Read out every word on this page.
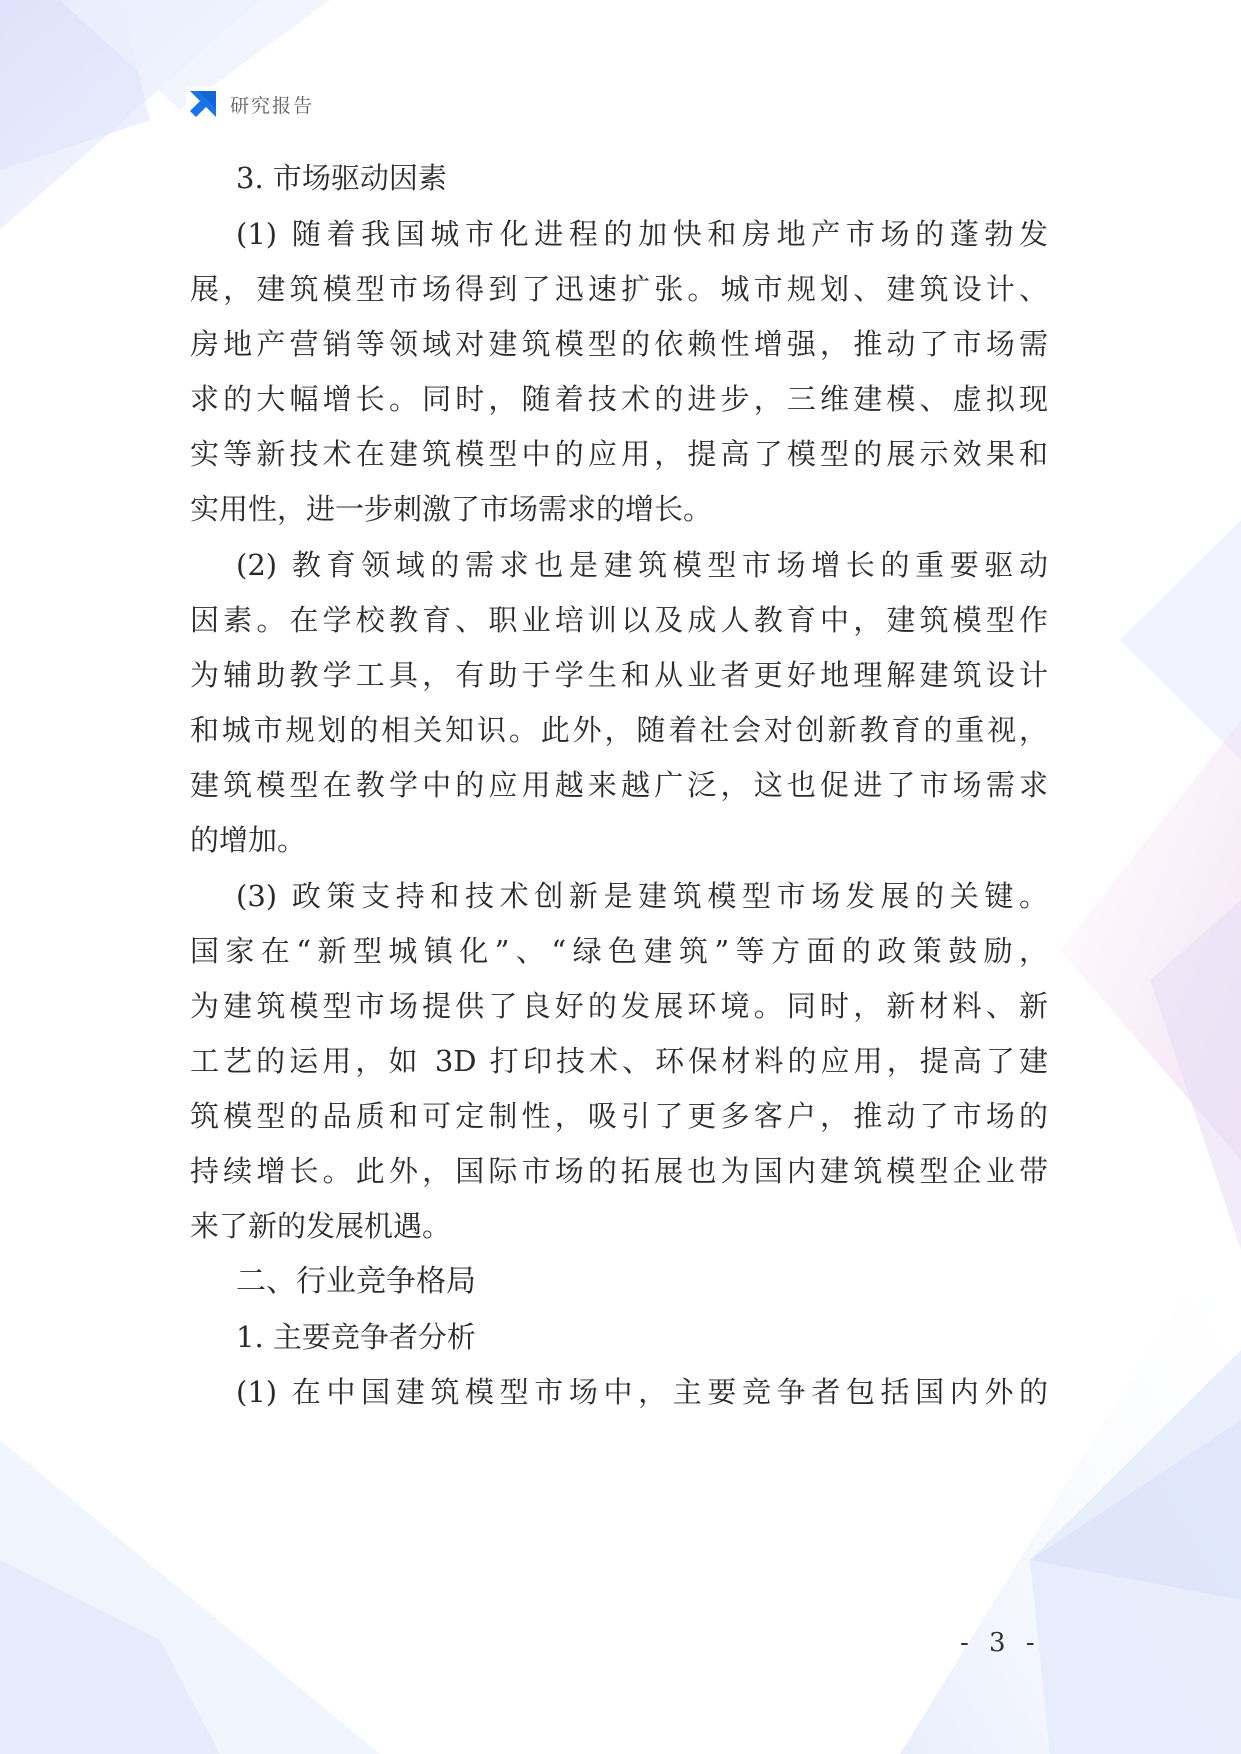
研究报告
3. 市场驱动因素
(1) 随着我国城市化进程的加快和房地产市场的蓬勃发
展，建筑模型市场得到了迅速扩张。城市规划、建筑设计、
房地产营销等领域对建筑模型的依赖性增强，推动了市场需
求的大幅增长。同时，随着技术的进步，三维建模、虚拟现
实等新技术在建筑模型中的应用，提高了模型的展示效果和
实用性，进一步刺激了市场需求的增长。
(2) 教育领域的需求也是建筑模型市场增长的重要驱动
因素。在学校教育、职业培训以及成人教育中，建筑模型作
为辅助教学工具，有助于学生和从业者更好地理解建筑设计
和城市规划的相关知识。此外，随着社会对创新教育的重视，
建筑模型在教学中的应用越来越广泛，这也促进了市场需求
的增加。
(3) 政策支持和技术创新是建筑模型市场发展的关键。
国家在“新型城镇化”、“绿色建筑”等方面的政策鼓励，
为建筑模型市场提供了良好的发展环境。同时，新材料、新
工艺的运用，如 3D 打印技术、环保材料的应用，提高了建
筑模型的品质和可定制性，吸引了更多客户，推动了市场的
持续增长。此外，国际市场的拓展也为国内建筑模型企业带
来了新的发展机遇。
二、行业竞争格局
1. 主要竞争者分析
(1) 在中国建筑模型市场中，主要竞争者包括国内外的
- 3 -
